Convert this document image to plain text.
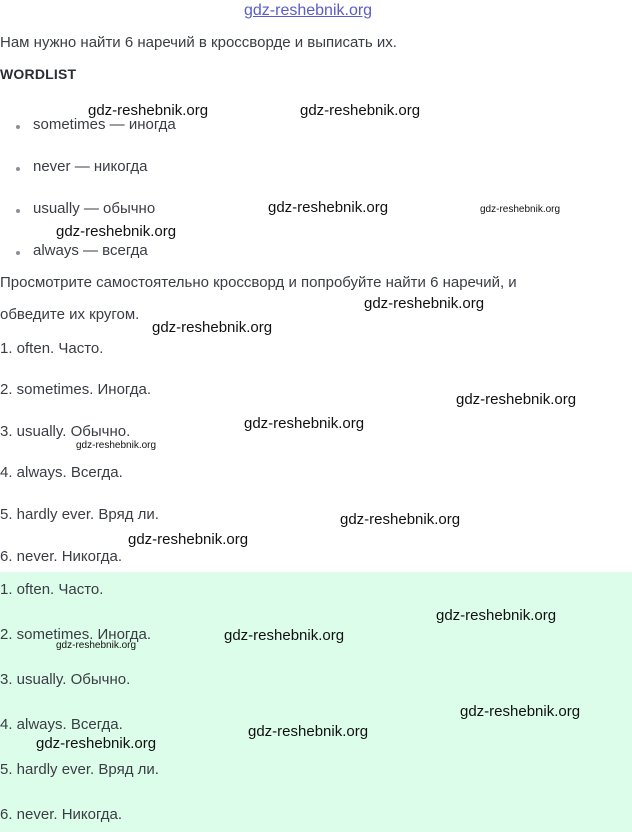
gdz-reshebnik.org
Нам нужно найти 6 наречий в кроссворде и выписать их.
WORDLIST
sometimes — иногда
never — никогда
usually — обычно
always — всегда
Просмотрите самостоятельно кроссворд и попробуйте найти 6 наречий, и
обведите их кругом.
1. often. Часто.
2. sometimes. Иногда.
3. usually. Обычно.
4. always. Всегда.
5. hardly ever. Вряд ли.
6. never. Никогда.
1. often. Часто.
2. sometimes. Иногда.
3. usually. Обычно.
4. always. Всегда.
5. hardly ever. Вряд ли.
6. never. Никогда.
gdz-reshebnik.org	gdz-reshebnik.org
gdz-reshebnik.org	gdz-reshebnik.org
gdz-reshebnik.org
gdz-reshebnik.org
gdz-reshebnik.org
gdz-reshebnik.org
gdz-reshebnik.org
gdz-reshebnik.org
gdz-reshebnik.org
gdz-reshebnik.org
gdz-reshebnik.org
gdz-reshebnik.org
gdz-reshebnik.org
gdz-reshebnik.org
gdz-reshebnik.org
gdz-reshebnik.org
